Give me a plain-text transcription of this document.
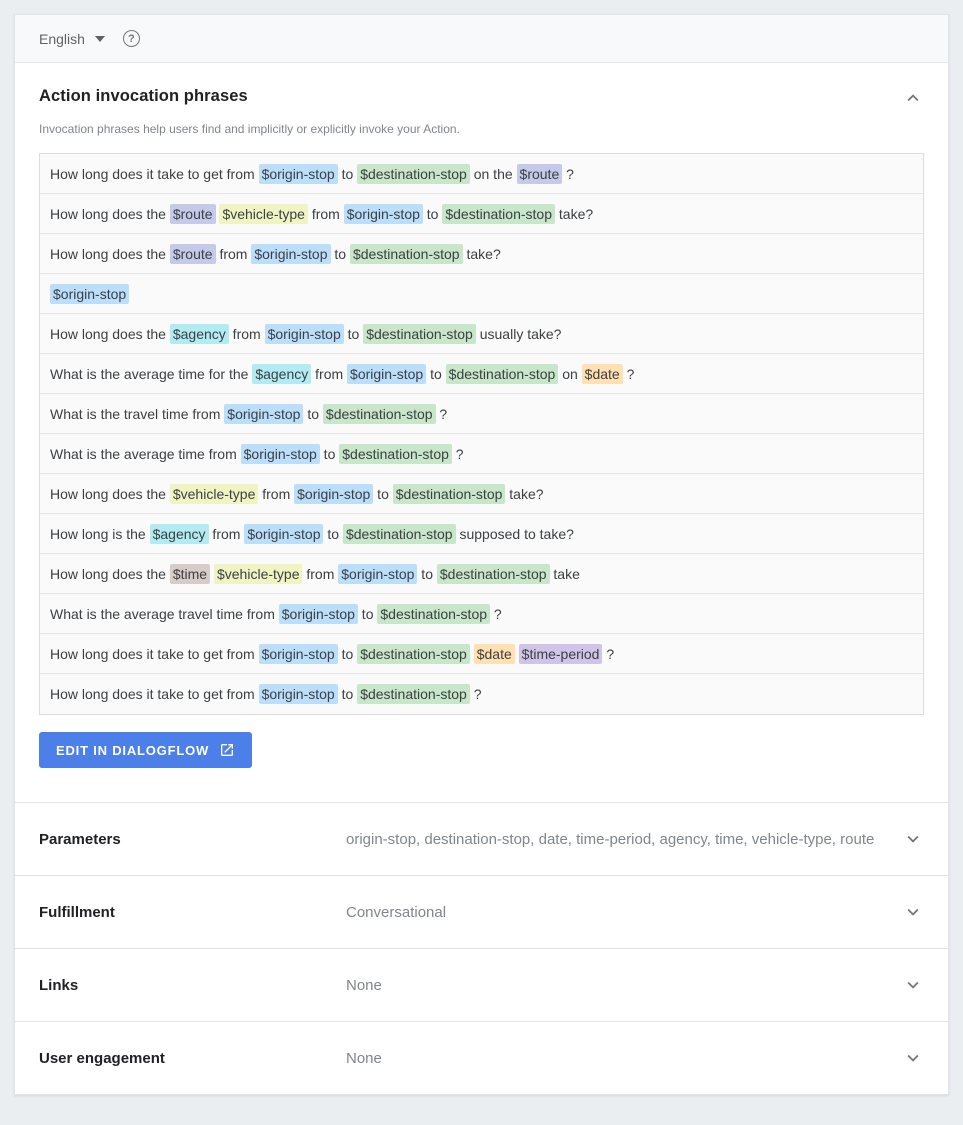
English	?
Action invocation phrases
Invocation phrases help users find and implicitly or explicitly invoke your Action.
How long does it take to get from $origin-stop to $destination-stop on the $route ?
How long does the $route
$vehicle-type from $origin-stop to $destination-stop take?
How long does the $route from $origin-stop to $destination-stop take?
$origin-stop
How long does the $agency from $origin-stop to $destination-stop usually take?
What is the average time for the $agency from $origin-stop to $destination-stop on $date ?
What is the travel time from $origin-stop to $destination-stop ?
What is the average time from $origin-stop to $destination-stop ?
How long does the $vehicle-type from $origin-stop to $destination-stop take?
How long is the $agency from $origin-stop to $destination-stop supposed to take?
How long does the $time
$vehicle-type from $origin-stop to $destination-stop take
What is the average travel time from $origin-stop to $destination-stop ?
How long does it take to get from $origin-stop to $destination-stop
$date
$time-period ?
How long does it take to get from $origin-stop to $destination-stop ?
EDIT IN DIALOGFLOW
Parameters	origin-stop, destination-stop, date, time-period, agency, time, vehicle-type, route
Fulfillment	Conversational
Links	None
User engagement	None
